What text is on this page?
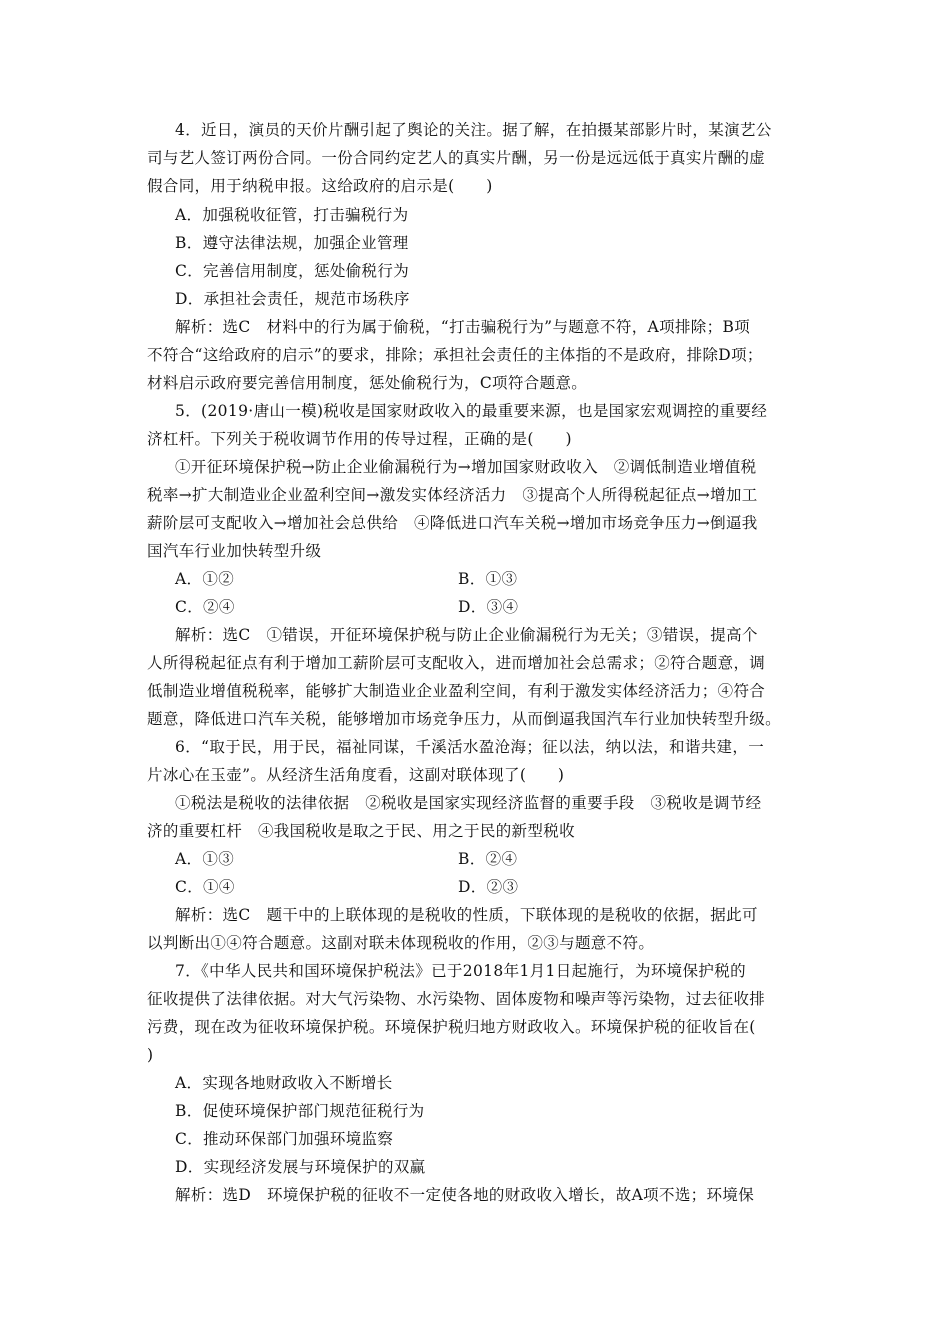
4．近日，演员的天价片酬引起了舆论的关注。据了解，在拍摄某部影片时，某演艺公
司与艺人签订两份合同。一份合同约定艺人的真实片酬，另一份是远远低于真实片酬的虚
假合同，用于纳税申报。这给政府的启示是(　　)
A．加强税收征管，打击骗税行为
B．遵守法律法规，加强企业管理
C．完善信用制度，惩处偷税行为
D．承担社会责任，规范市场秩序
解析：选C　材料中的行为属于偷税，“打击骗税行为”与题意不符，A项排除；B项
不符合“这给政府的启示”的要求，排除；承担社会责任的主体指的不是政府，排除D项；
材料启示政府要完善信用制度，惩处偷税行为，C项符合题意。
5．(2019·唐山一模)税收是国家财政收入的最重要来源，也是国家宏观调控的重要经
济杠杆。下列关于税收调节作用的传导过程，正确的是(　　)
①开征环境保护税→防止企业偷漏税行为→增加国家财政收入　②调低制造业增值税
税率→扩大制造业企业盈利空间→激发实体经济活力　③提高个人所得税起征点→增加工
薪阶层可支配收入→增加社会总供给　④降低进口汽车关税→增加市场竞争压力→倒逼我
国汽车行业加快转型升级
A．①②	B．①③
C．②④	D．③④
解析：选C　①错误，开征环境保护税与防止企业偷漏税行为无关；③错误，提高个
人所得税起征点有利于增加工薪阶层可支配收入，进而增加社会总需求；②符合题意，调
低制造业增值税税率，能够扩大制造业企业盈利空间，有利于激发实体经济活力；④符合
题意，降低进口汽车关税，能够增加市场竞争压力，从而倒逼我国汽车行业加快转型升级。
6．“取于民，用于民，福祉同谋，千溪活水盈沧海；征以法，纳以法，和谐共建，一
片冰心在玉壶”。从经济生活角度看，这副对联体现了(　　)
①税法是税收的法律依据　②税收是国家实现经济监督的重要手段　③税收是调节经
济的重要杠杆　④我国税收是取之于民、用之于民的新型税收
A．①③	B．②④
C．①④	D．②③
解析：选C　题干中的上联体现的是税收的性质，下联体现的是税收的依据，据此可
以判断出①④符合题意。这副对联未体现税收的作用，②③与题意不符。
7．《中华人民共和国环境保护税法》已于2018年1月1日起施行，为环境保护税的
征收提供了法律依据。对大气污染物、水污染物、固体废物和噪声等污染物，过去征收排
污费，现在改为征收环境保护税。环境保护税归地方财政收入。环境保护税的征收旨在(
)
A．实现各地财政收入不断增长
B．促使环境保护部门规范征税行为
C．推动环保部门加强环境监察
D．实现经济发展与环境保护的双赢
解析：选D　环境保护税的征收不一定使各地的财政收入增长，故A项不选；环境保
